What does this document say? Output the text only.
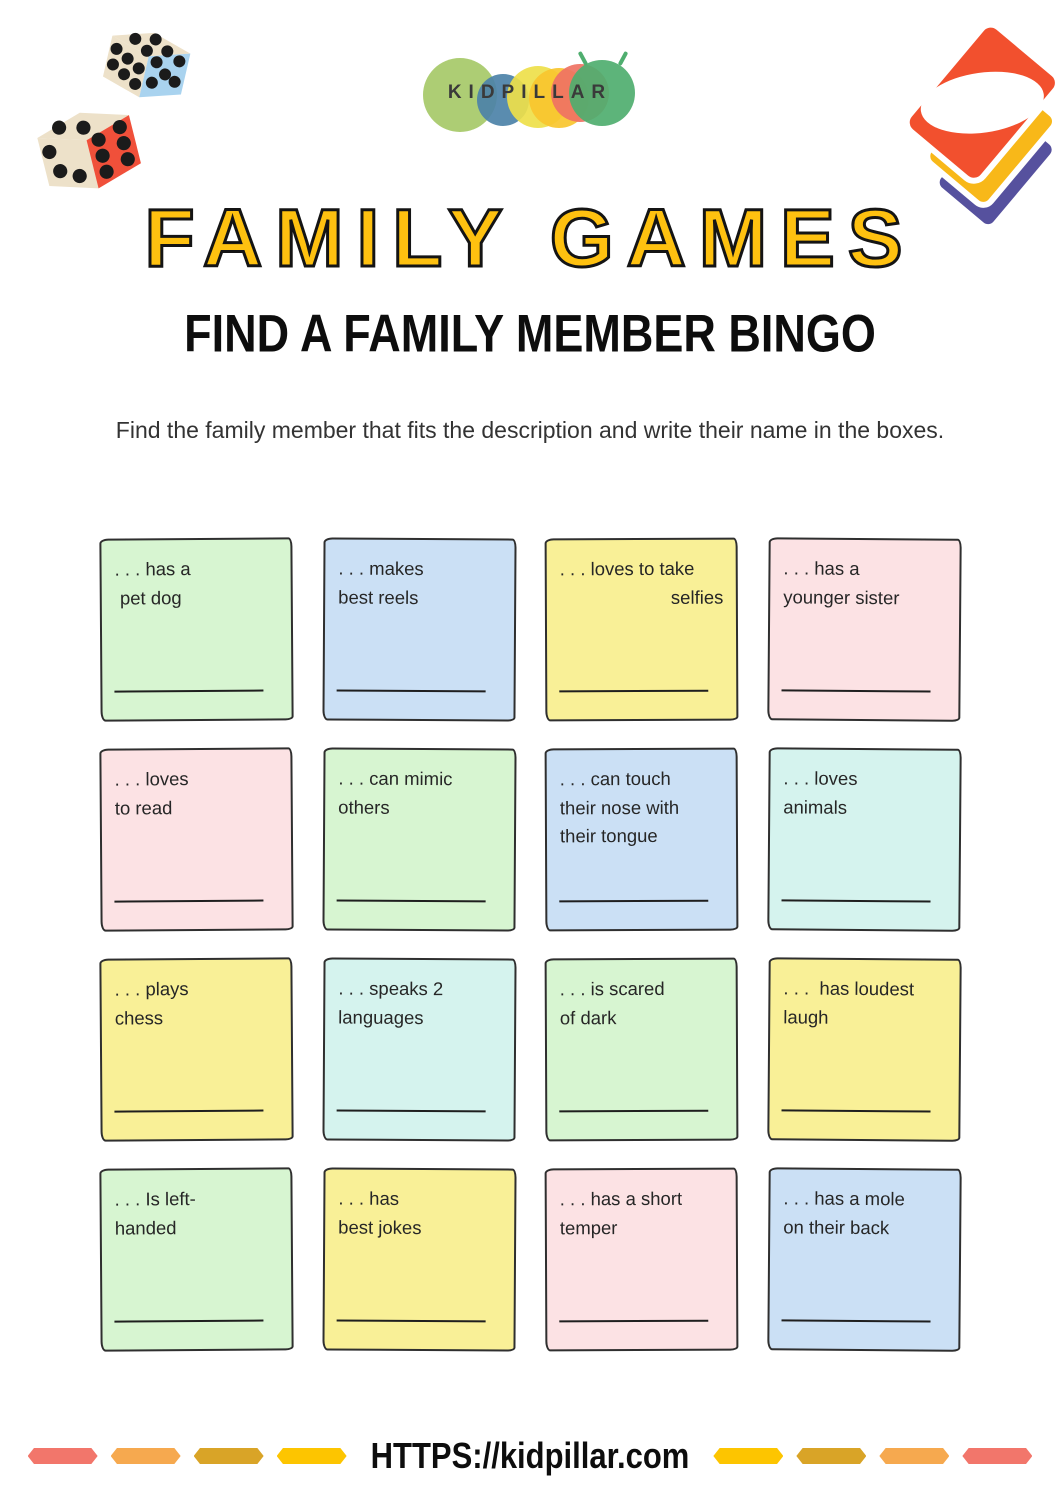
KIDPILLAR
FAMILY GAMES
FIND A FAMILY MEMBER BINGO

Find the family member that fits the description and write their name in the boxes.

. . . has a
pet dog
. . . makes
best reels
. . . loves to take
selfies
. . . has a
younger sister
. . . loves
to read
. . . can mimic
others
. . . can touch
their nose with
their tongue
. . . loves
animals
. . . plays
chess
. . . speaks 2
languages
. . . is scared
of dark
. . .  has loudest
laugh
. . . Is left-
handed
. . . has
best jokes
. . . has a short
temper
. . . has a mole
on their back
HTTPS://kidpillar.com
